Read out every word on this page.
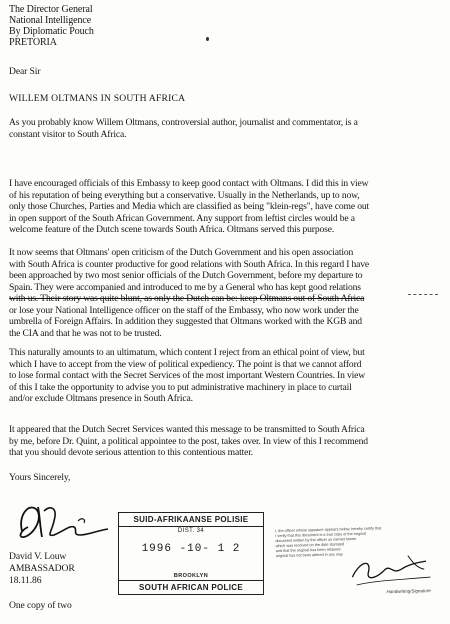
The Director General
National Intelligence
By Diplomatic Pouch
PRETORIA
Dear Sir
WILLEM OLTMANS IN SOUTH AFRICA
As you probably know Willem Oltmans, controversial author, journalist and commentator, is a
constant visitor to South Africa.
I have encouraged officials of this Embassy to keep good contact with Oltmans. I did this in view
of his reputation of being everything but a conservative. Usually in the Netherlands, up to now,
only those Churches, Parties and Media which are classified as being "klein-regs", have come out
in open support of the South African Government. Any support from leftist circles would be a
welcome feature of the Dutch scene towards South Africa. Oltmans served this purpose.
It now seems that Oltmans' open criticism of the Dutch Government and his open association
with South Africa is counter productive for good relations with South Africa. In this regard I have
been approached by two most senior officials of the Dutch Government, before my departure to
Spain. They were accompanied and introduced to me by a General who has kept good relations
with us. Their story was quite blunt, as only the Dutch can be: keep Oltmans out of South Africa
or lose your National Intelligence officer on the staff of the Embassy, who now work under the
umbrella of Foreign Affairs. In addition they suggested that Oltmans worked with the KGB and
the CIA and that he was not to be trusted.
This naturally amounts to an ultimatum, which content I reject from an ethical point of view, but
which I have to accept from the view of political expediency. The point is that we cannot afford
to lose formal contact with the Secret Services of the most important Western Countries. In view
of this I take the opportunity to advise you to put administrative machinery in place to curtail
and/or exclude Oltmans presence in South Africa.
It appeared that the Dutch Secret Services wanted this message to be transmitted to South Africa
by me, before Dr. Quint, a political appointee to the post, takes over. In view of this I recommend
that you should devote serious attention to this contentious matter.
Yours Sincerely,
David V. Louw
AMBASSADOR
18.11.86
One copy of two
SUID-AFRIKAANSE POLISIE
DIST. 34
1996 -10- 1 2
BROOKLYN
SOUTH AFRICAN POLICE
I, the officer whose signature appears below, hereby certify that
I verify that this document is a true copy of the original
document written by the officer as named herein
which was received on the date stamped
and that the original has been retained
original has not been altered in any way
Handwriting/Signature
